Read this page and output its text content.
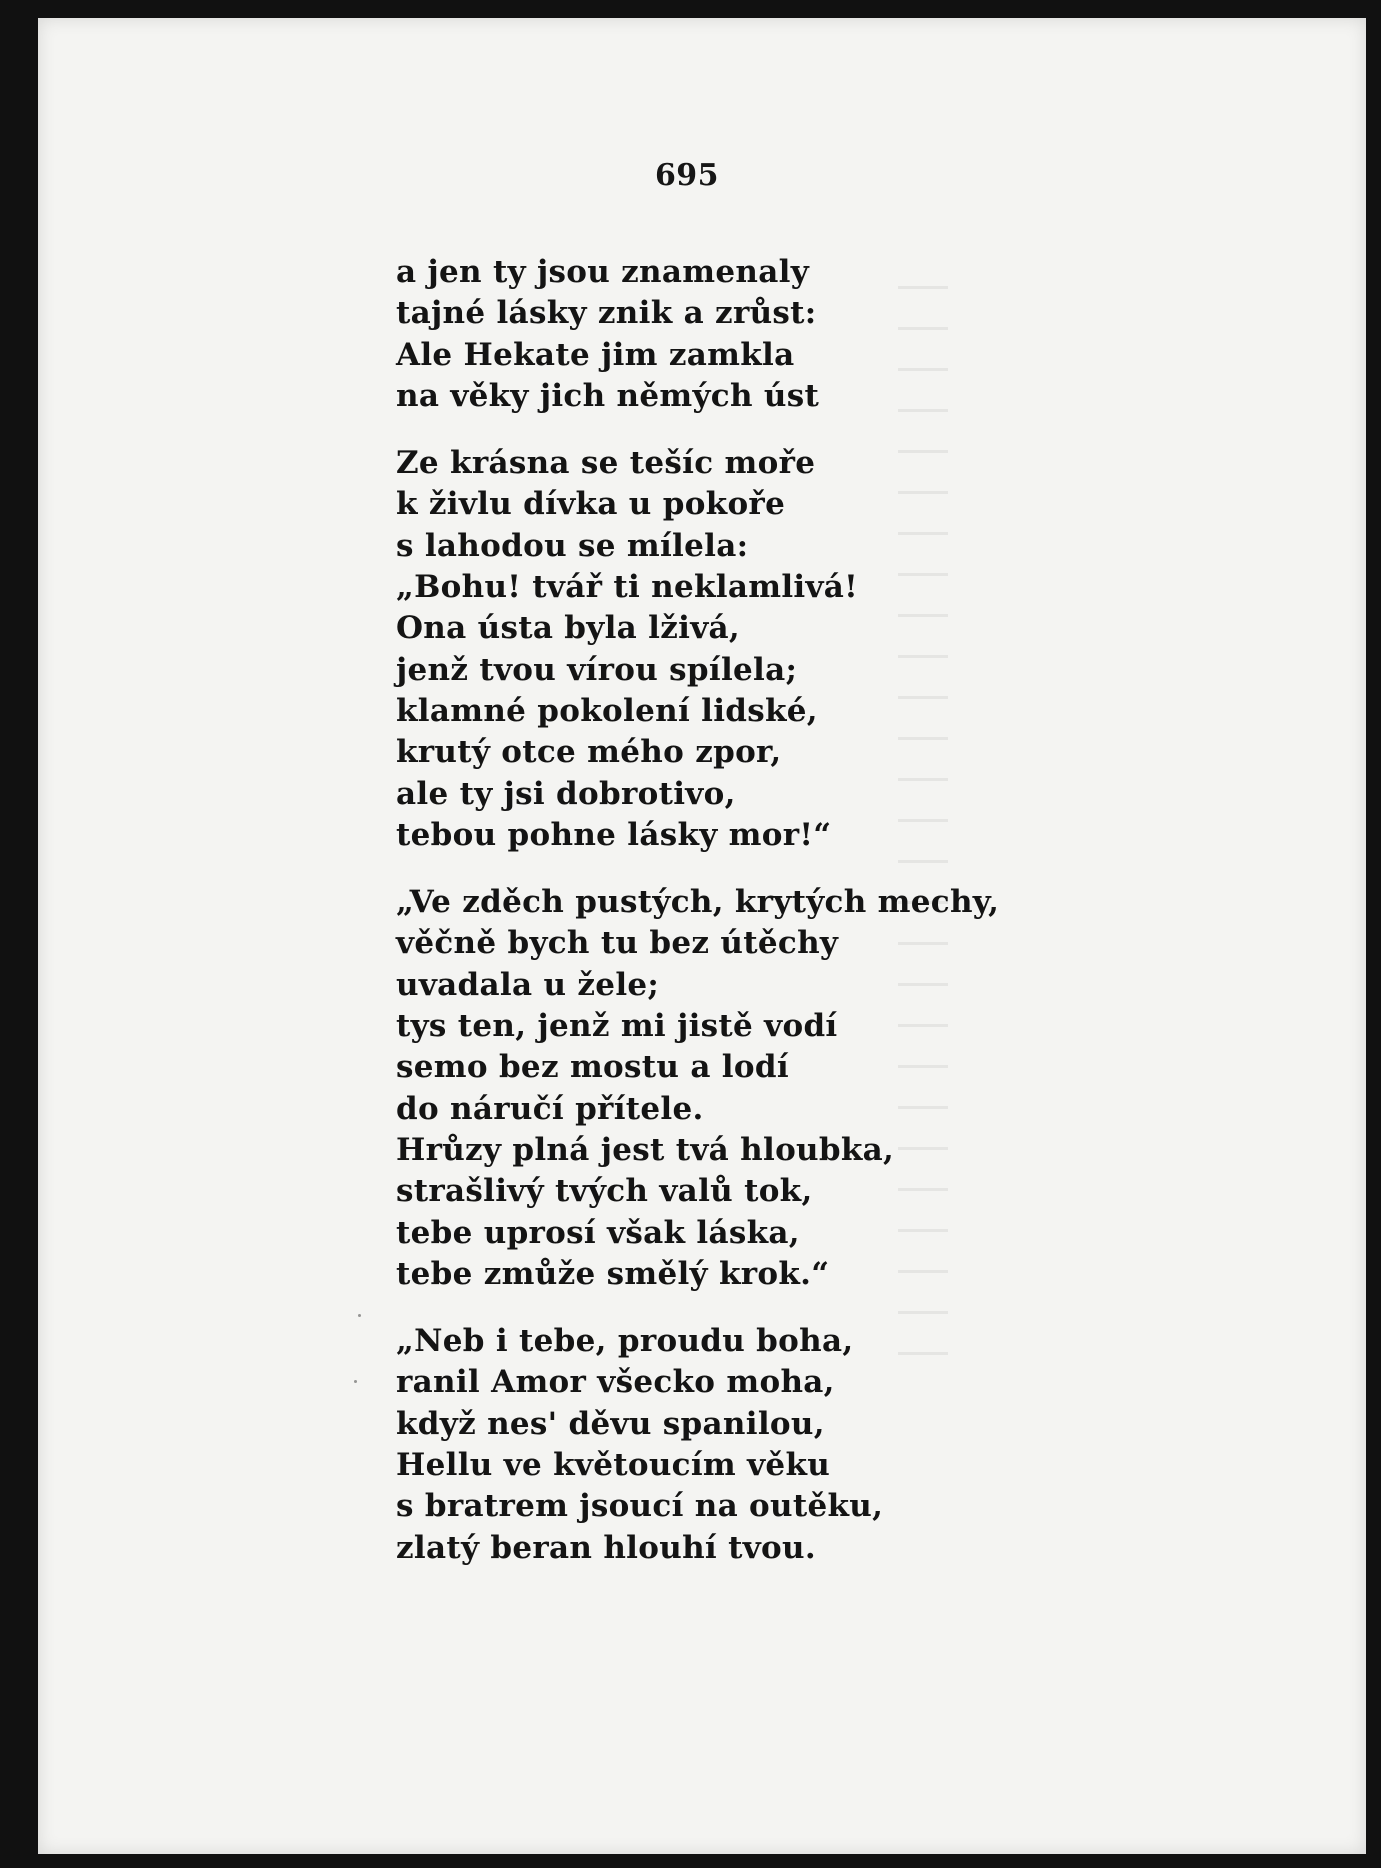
695
a jen ty jsou znamenaly
tajné lásky znik a zrůst:
Ale Hekate jim zamkla
na věky jich němých úst
Ze krásna se tešíc moře
k živlu dívka u pokoře
s lahodou se mílela:
„Bohu! tvář ti neklamlivá!
Ona ústa byla lživá,
jenž tvou vírou spílela;
klamné pokolení lidské,
krutý otce mého zpor,
ale ty jsi dobrotivo,
tebou pohne lásky mor!“
„Ve zděch pustých, krytých mechy,
věčně bych tu bez útěchy
uvadala u žele;
tys ten, jenž mi jistě vodí
semo bez mostu a lodí
do náručí přítele.
Hrůzy plná jest tvá hloubka,
strašlivý tvých valů tok,
tebe uprosí však láska,
tebe zmůže smělý krok.“
„Neb i tebe, proudu boha,
ranil Amor všecko moha,
když nes' děvu spanilou,
Hellu ve květoucím věku
s bratrem jsoucí na outěku,
zlatý beran hlouhí tvou.
